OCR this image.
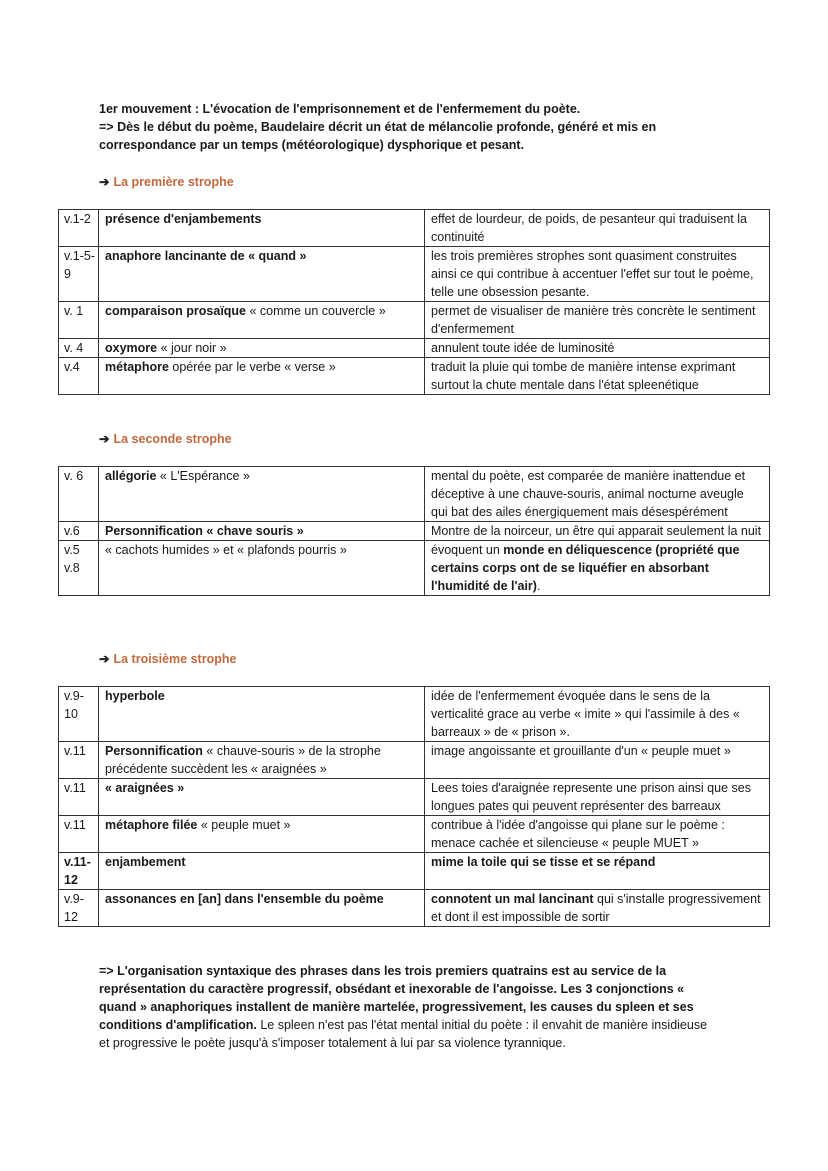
1er mouvement : L'évocation de l'emprisonnement et de l'enfermement du poète.

=> Dès le début du poème, Baudelaire décrit un état de mélancolie profonde, généré et mis en correspondance par un temps (météorologique) dysphorique et pesant.

➔ La première strophe
v.1-2	présence d'enjambements	effet de lourdeur, de poids, de pesanteur qui traduisent la continuité
v.1-5-9	anaphore lancinante de « quand »	les trois premières strophes sont quasiment construites ainsi ce qui contribue à accentuer l'effet sur tout le poème, telle une obsession pesante.
v. 1	comparaison prosaïque « comme un couvercle »	permet de visualiser de manière très concrète le sentiment d'enfermement
v. 4	oxymore « jour noir »	annulent toute idée de luminosité
v.4	métaphore opérée par le verbe « verse »	traduit la pluie qui tombe de manière intense exprimant surtout la chute mentale dans l'état spleenétique
➔ La seconde strophe
v. 6	allégorie « L'Espérance »	mental du poète, est comparée de manière inattendue et déceptive à une chauve-souris, animal nocturne aveugle qui bat des ailes énergiquement mais désespérément
v.6	Personnification « chave souris »	Montre de la noirceur, un être qui apparait seulement la nuit
v.5 v.8	« cachots humides » et « plafonds pourris »	évoquent un monde en déliquescence (propriété que certains corps ont de se liquéfier en absorbant l'humidité de l'air).
➔ La troisième strophe
v.9-10	hyperbole	idée de l'enfermement évoquée dans le sens de la verticalité grace au verbe « imite » qui l'assimile à des « barreaux » de « prison ».
v.11	Personnification « chauve-souris » de la strophe précédente succèdent les « araignées »	image angoissante et grouillante d'un « peuple muet »
v.11	« araignées »	Lees toies d'araignée represente une prison ainsi que ses longues pates qui peuvent représenter des barreaux
v.11	métaphore filée « peuple muet »	contribue à l'idée d'angoisse qui plane sur le poème : menace cachée et silencieuse « peuple MUET »
v.11-12	enjambement	mime la toile qui se tisse et se répand
v.9-12	assonances en [an] dans l'ensemble du poème	connotent un mal lancinant qui s'installe progressivement et dont il est impossible de sortir

=> L'organisation syntaxique des phrases dans les trois premiers quatrains est au service de la représentation du caractère progressif, obsédant et inexorable de l'angoisse. Les 3 conjonctions « quand » anaphoriques installent de manière martelée, progressivement, les causes du spleen et ses conditions d'amplification. Le spleen n'est pas l'état mental initial du poète : il envahit de manière insidieuse et progressive le poète jusqu'à s'imposer totalement à lui par sa violence tyrannique.
